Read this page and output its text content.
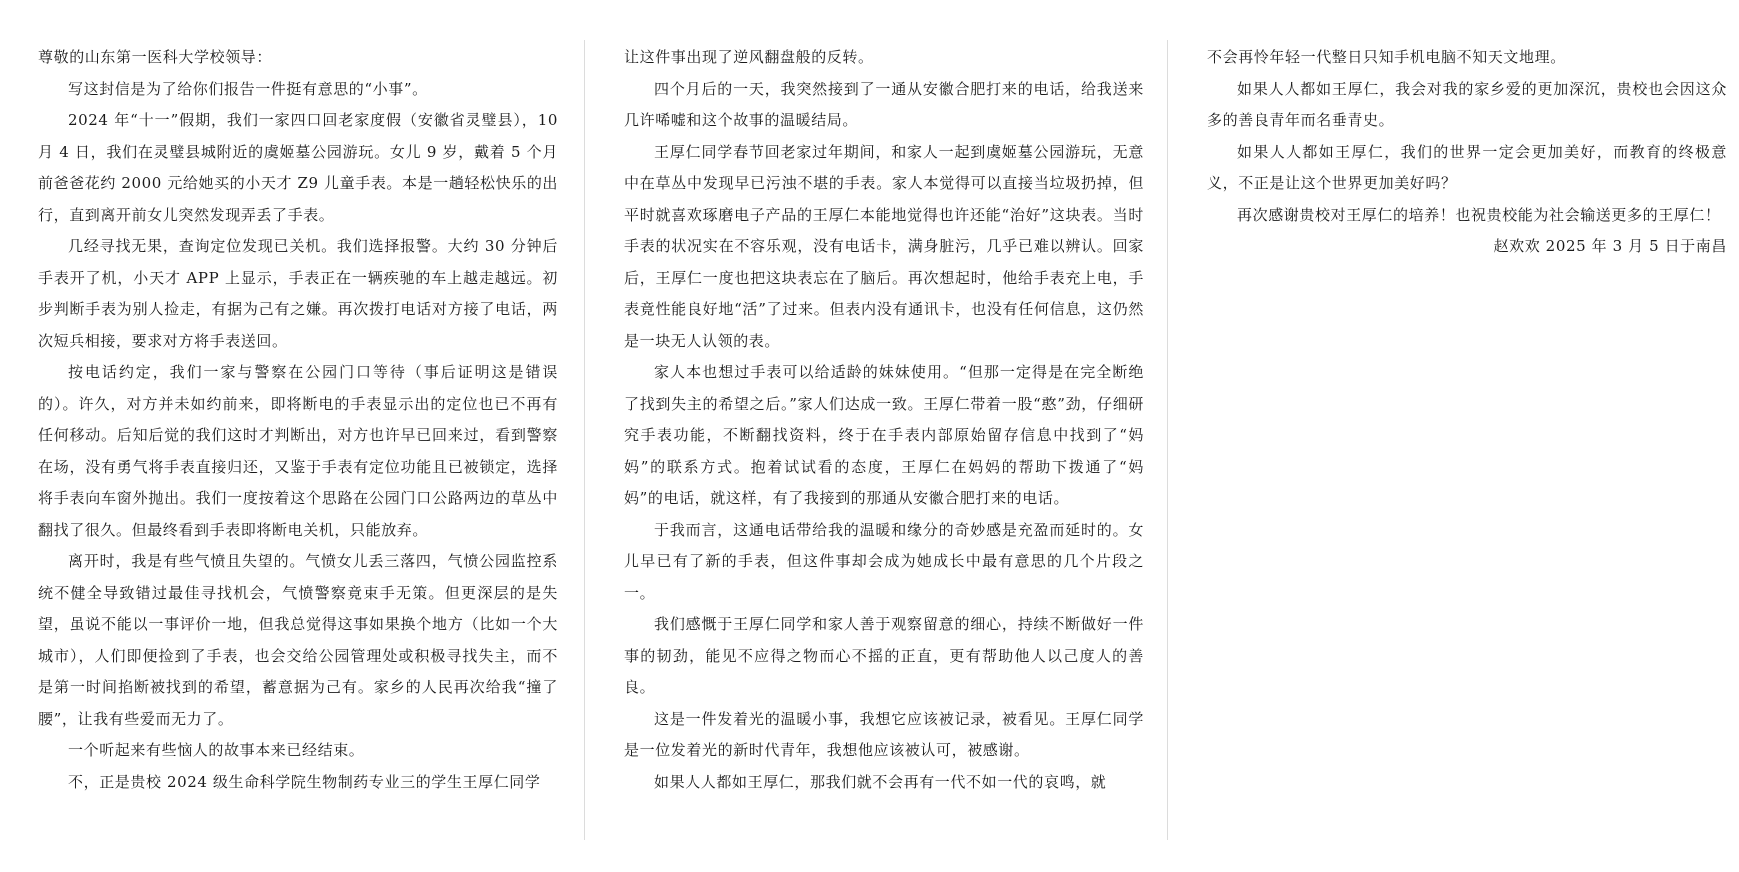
尊敬的山东第一医科大学校领导：

写这封信是为了给你们报告一件挺有意思的“小事”。

2024 年“十一”假期，我们一家四口回老家度假（安徽省灵璧县），10 月 4 日，我们在灵璧县城附近的虞姬墓公园游玩。女儿 9 岁，戴着 5 个月前爸爸花约 2000 元给她买的小天才 Z9 儿童手表。本是一趟轻松快乐的出行，直到离开前女儿突然发现弄丢了手表。

几经寻找无果，查询定位发现已关机。我们选择报警。大约 30 分钟后手表开了机，小天才 APP 上显示，手表正在一辆疾驰的车上越走越远。初步判断手表为别人捡走，有据为己有之嫌。再次拨打电话对方接了电话，两次短兵相接，要求对方将手表送回。

按电话约定，我们一家与警察在公园门口等待（事后证明这是错误的）。许久，对方并未如约前来，即将断电的手表显示出的定位也已不再有任何移动。后知后觉的我们这时才判断出，对方也许早已回来过，看到警察在场，没有勇气将手表直接归还，又鉴于手表有定位功能且已被锁定，选择将手表向车窗外抛出。我们一度按着这个思路在公园门口公路两边的草丛中翻找了很久。但最终看到手表即将断电关机，只能放弃。

离开时，我是有些气愤且失望的。气愤女儿丢三落四，气愤公园监控系统不健全导致错过最佳寻找机会，气愤警察竟束手无策。但更深层的是失望，虽说不能以一事评价一地，但我总觉得这事如果换个地方（比如一个大城市），人们即便捡到了手表，也会交给公园管理处或积极寻找失主，而不是第一时间掐断被找到的希望，蓄意据为己有。家乡的人民再次给我“撞了腰”，让我有些爱而无力了。

一个听起来有些恼人的故事本来已经结束。

不，正是贵校 2024 级生命科学院生物制药专业三的学生王厚仁同学

让这件事出现了逆风翻盘般的反转。

四个月后的一天，我突然接到了一通从安徽合肥打来的电话，给我送来几许唏嘘和这个故事的温暖结局。

王厚仁同学春节回老家过年期间，和家人一起到虞姬墓公园游玩，无意中在草丛中发现早已污浊不堪的手表。家人本觉得可以直接当垃圾扔掉，但平时就喜欢琢磨电子产品的王厚仁本能地觉得也许还能“治好”这块表。当时手表的状况实在不容乐观，没有电话卡，满身脏污，几乎已难以辨认。回家后，王厚仁一度也把这块表忘在了脑后。再次想起时，他给手表充上电，手表竟性能良好地“活”了过来。但表内没有通讯卡，也没有任何信息，这仍然是一块无人认领的表。

家人本也想过手表可以给适龄的妹妹使用。“但那一定得是在完全断绝了找到失主的希望之后。”家人们达成一致。王厚仁带着一股“憨”劲，仔细研究手表功能，不断翻找资料，终于在手表内部原始留存信息中找到了“妈妈”的联系方式。抱着试试看的态度，王厚仁在妈妈的帮助下拨通了“妈妈”的电话，就这样，有了我接到的那通从安徽合肥打来的电话。

于我而言，这通电话带给我的温暖和缘分的奇妙感是充盈而延时的。女儿早已有了新的手表，但这件事却会成为她成长中最有意思的几个片段之一。

我们感慨于王厚仁同学和家人善于观察留意的细心，持续不断做好一件事的韧劲，能见不应得之物而心不摇的正直，更有帮助他人以己度人的善良。

这是一件发着光的温暖小事，我想它应该被记录，被看见。王厚仁同学是一位发着光的新时代青年，我想他应该被认可，被感谢。

如果人人都如王厚仁，那我们就不会再有一代不如一代的哀鸣，就

不会再怜年轻一代整日只知手机电脑不知天文地理。

如果人人都如王厚仁，我会对我的家乡爱的更加深沉，贵校也会因这众多的善良青年而名垂青史。

如果人人都如王厚仁，我们的世界一定会更加美好，而教育的终极意义，不正是让这个世界更加美好吗？

再次感谢贵校对王厚仁的培养！也祝贵校能为社会输送更多的王厚仁！

赵欢欢 2025 年 3 月 5 日于南昌
